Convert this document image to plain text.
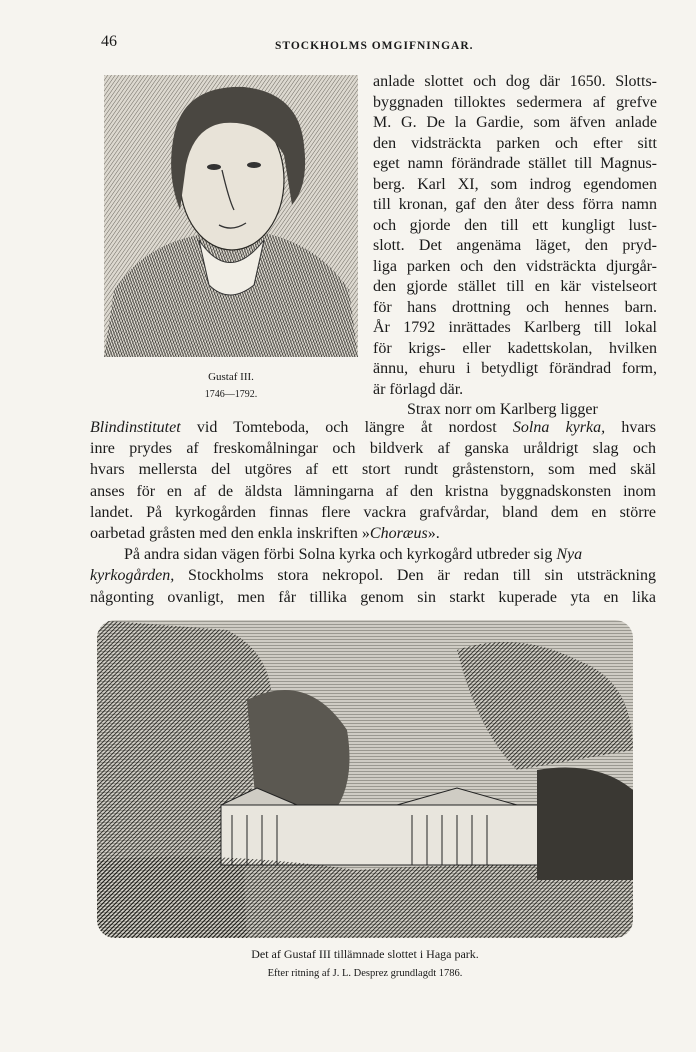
46	STOCKHOLMS OMGIFNINGAR.
Gustaf III.
1746—1792.
anlade slottet och dog där 1650. Slotts-
byggnaden tilloktes sedermera af grefve
M. G. De la Gardie, som äfven anlade
den vidsträckta parken och efter sitt
eget namn förändrade stället till Magnus-
berg. Karl XI, som indrog egendomen
till kronan, gaf den åter dess förra namn
och gjorde den till ett kungligt lust-
slott. Det angenäma läget, den pryd-
liga parken och den vidsträckta djurgår-
den gjorde stället till en kär vistelseort
för hans drottning och hennes barn.
År 1792 inrättades Karlberg till lokal
för krigs- eller kadettskolan, hvilken
ännu, ehuru i betydligt förändrad form,
är förlagd där.
Strax norr om Karlberg ligger
Blindinstitutet vid Tomteboda, och längre åt nordost Solna kyrka, hvars
inre prydes af freskomålningar och bildverk af ganska uråldrigt slag och
hvars mellersta del utgöres af ett stort rundt gråstenstorn, som med skäl
anses för en af de äldsta lämningarna af den kristna byggnadskonsten inom
landet. På kyrkogården finnas flere vackra grafvårdar, bland dem en större
oarbetad gråsten med den enkla inskriften »Choræus».
På andra sidan vägen förbi Solna kyrka och kyrkogård utbreder sig Nya
kyrkogården, Stockholms stora nekropol. Den är redan till sin utsträckning
någonting ovanligt, men får tillika genom sin starkt kuperade yta en lika
Det af Gustaf III tillämnade slottet i Haga park.
Efter ritning af J. L. Desprez grundlagdt 1786.
